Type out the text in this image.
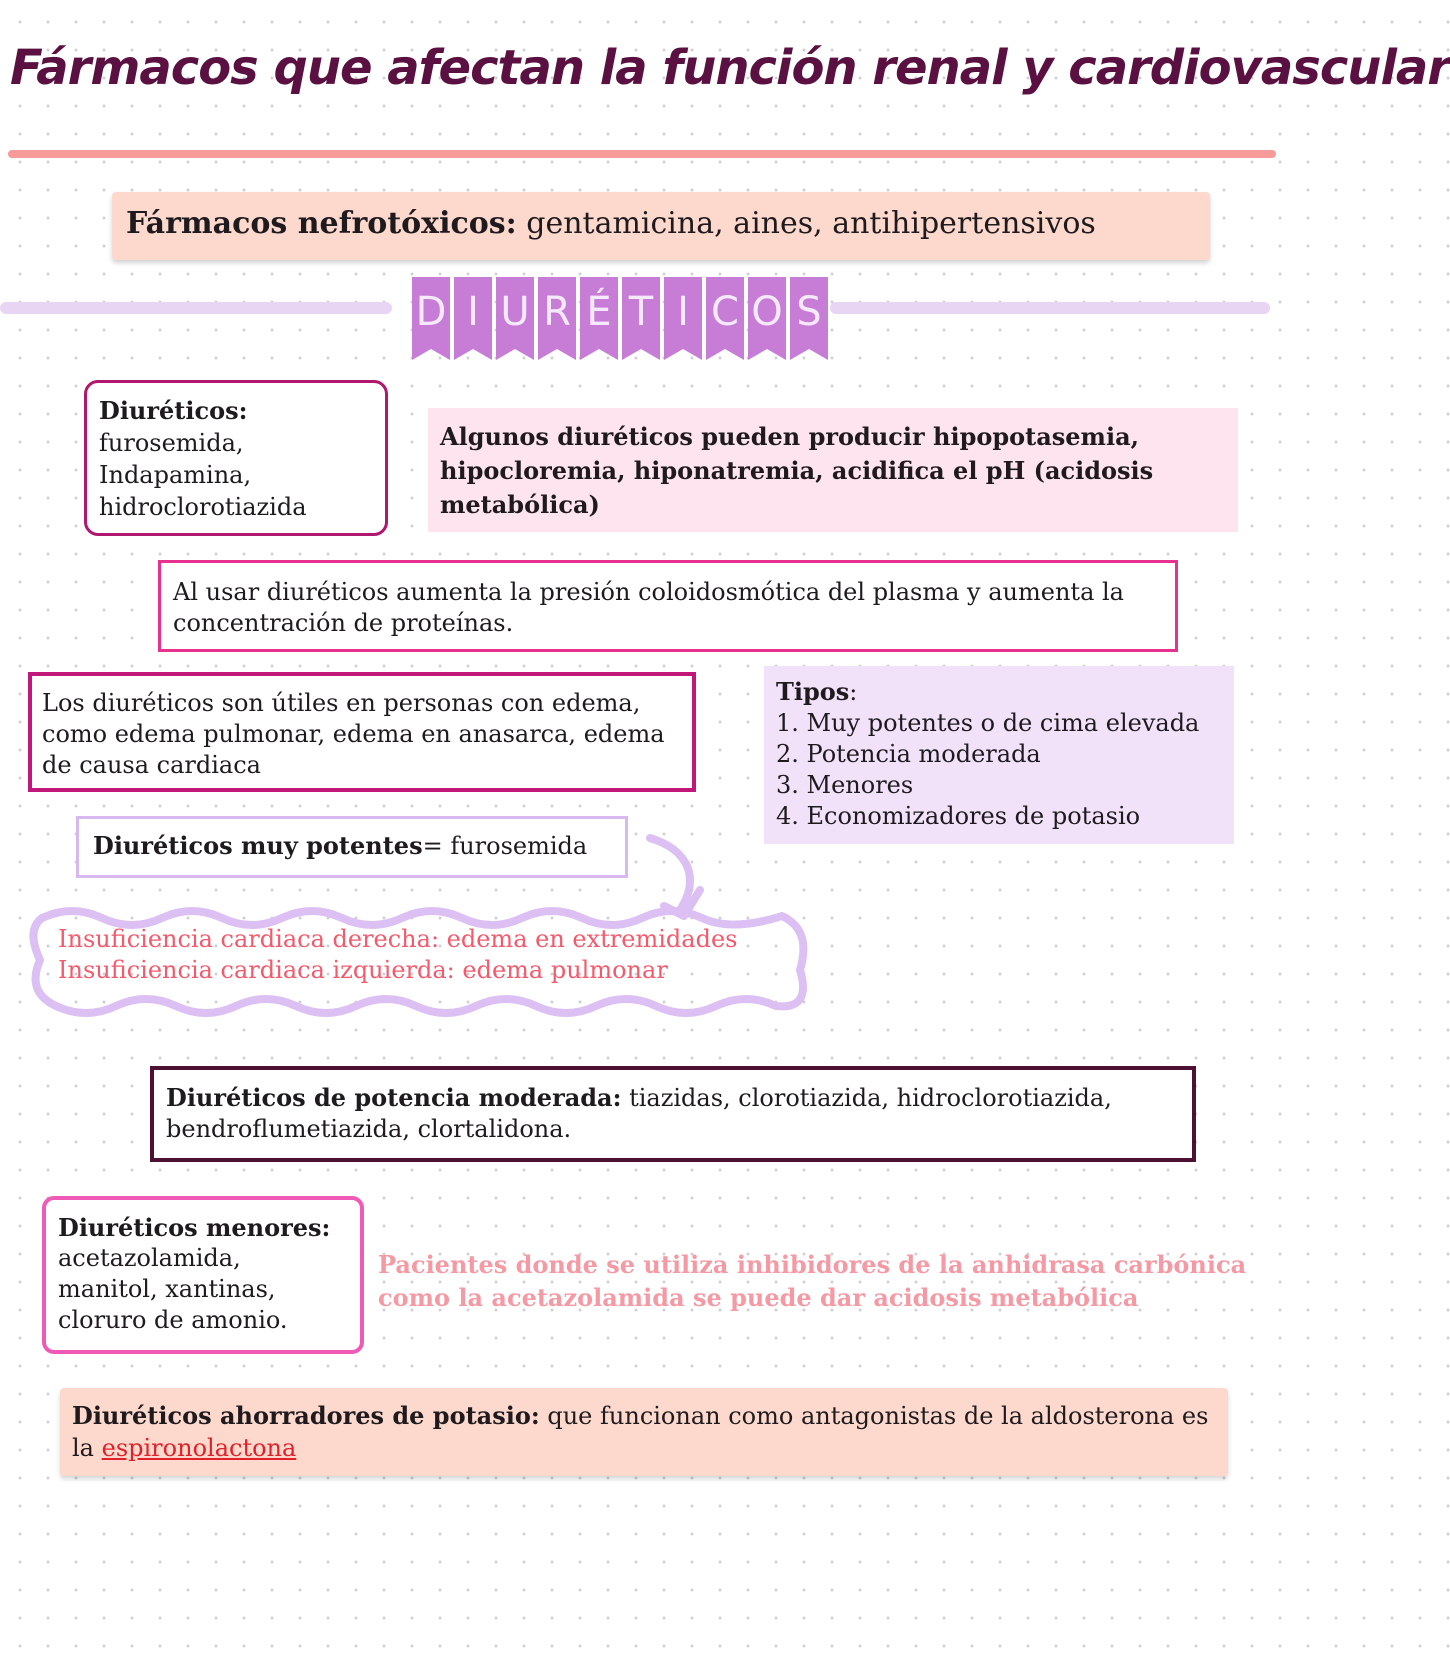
Fármacos que afectan la función renal y cardiovascular
Fármacos nefrotóxicos: gentamicina, aines, antihipertensivos
D I U R É T I C O S
Diuréticos:
furosemida,
Indapamina,
hidroclorotiazida
Algunos diuréticos pueden producir hipopotasemia, hipocloremia, hiponatremia, acidifica el pH (acidosis metabólica)
Al usar diuréticos aumenta la presión coloidosmótica del plasma y aumenta la concentración de proteínas.
Los diuréticos son útiles en personas con edema, como edema pulmonar, edema en anasarca, edema de causa cardiaca
Tipos:
1. Muy potentes o de cima elevada
2. Potencia moderada
3. Menores
4. Economizadores de potasio
Diuréticos muy potentes= furosemida
Insuficiencia cardiaca derecha: edema en extremidades
Insuficiencia cardiaca izquierda: edema pulmonar
Diuréticos de potencia moderada: tiazidas, clorotiazida, hidroclorotiazida, bendroflumetiazida, clortalidona.
Diuréticos menores:
acetazolamida,
manitol, xantinas,
cloruro de amonio.
Pacientes donde se utiliza inhibidores de la anhidrasa carbónica como la acetazolamida se puede dar acidosis metabólica
Diuréticos ahorradores de potasio: que funcionan como antagonistas de la aldosterona es la espironolactona
